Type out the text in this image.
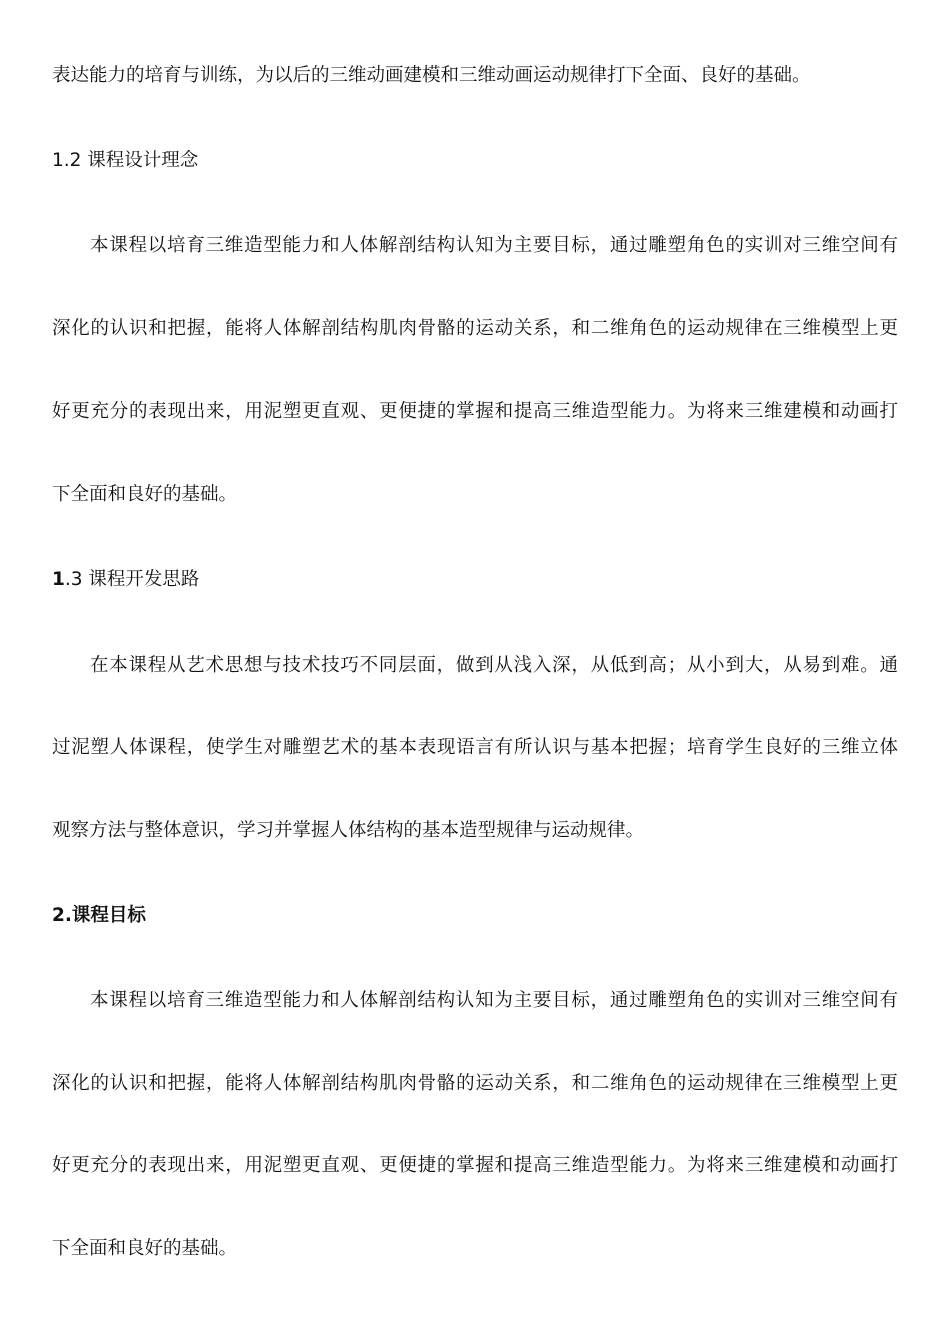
表达能力的培育与训练，为以后的三维动画建模和三维动画运动规律打下全面、良好的基础。

1.2 课程设计理念

本课程以培育三维造型能力和人体解剖结构认知为主要目标，通过雕塑角色的实训对三维空间有

深化的认识和把握，能将人体解剖结构肌肉骨骼的运动关系，和二维角色的运动规律在三维模型上更

好更充分的表现出来，用泥塑更直观、更便捷的掌握和提高三维造型能力。为将来三维建模和动画打

下全面和良好的基础。

1.3 课程开发思路

在本课程从艺术思想与技术技巧不同层面，做到从浅入深，从低到高；从小到大，从易到难。通

过泥塑人体课程，使学生对雕塑艺术的基本表现语言有所认识与基本把握；培育学生良好的三维立体

观察方法与整体意识，学习并掌握人体结构的基本造型规律与运动规律。

2.课程目标

本课程以培育三维造型能力和人体解剖结构认知为主要目标，通过雕塑角色的实训对三维空间有

深化的认识和把握，能将人体解剖结构肌肉骨骼的运动关系，和二维角色的运动规律在三维模型上更

好更充分的表现出来，用泥塑更直观、更便捷的掌握和提高三维造型能力。为将来三维建模和动画打

下全面和良好的基础。
